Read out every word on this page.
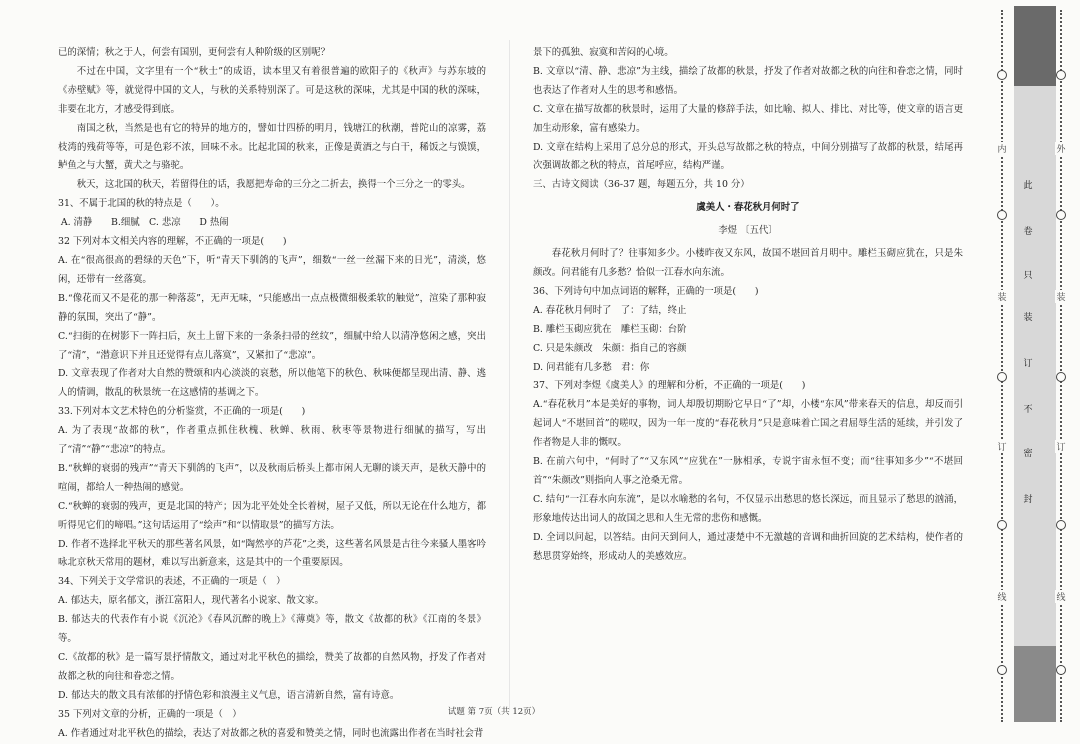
已的深情；秋之于人，何尝有国别，更何尝有人种阶级的区别呢？

不过在中国，文字里有一个“秋士”的成语，读本里又有着很普遍的欧阳子的《秋声》与苏东坡的《赤壁赋》等，就觉得中国的文人，与秋的关系特别深了。可是这秋的深味，尤其是中国的秋的深味，非要在北方，才感受得到底。

南国之秋，当然是也有它的特异的地方的，譬如廿四桥的明月，钱塘江的秋潮，普陀山的凉雾，荔枝湾的残荷等等，可是色彩不浓，回味不永。比起北国的秋来，正像是黄酒之与白干，稀饭之与馍馍，鲈鱼之与大蟹，黄犬之与骆驼。

秋天，这北国的秋天，若留得住的话，我愿把寿命的三分之二折去，换得一个三分之一的零头。

31、不属于北国的秋的特点是（　　）。

A. 清静　　B.细腻　C. 悲凉　　D 热闹

32 下列对本文相关内容的理解，不正确的一项是(　　)

A. 在“很高很高的碧绿的天色”下，听“青天下驯鸽的飞声”，细数“一丝一丝漏下来的日光”，清淡，悠闲，还带有一丝落寞。

B.“像花而又不是花的那一种落蕊”，无声无味，“只能感出一点点极微细极柔软的触觉”，渲染了那种寂静的氛围，突出了“静”。

C.“扫街的在树影下一阵扫后，灰土上留下来的一条条扫帚的丝纹”，细腻中给人以清净悠闲之感，突出了“清”，“潜意识下并且还觉得有点儿落寞”，又紧扣了“悲凉”。

D. 文章表现了作者对大自然的赞颂和内心淡淡的哀愁，所以他笔下的秋色、秋味便都呈现出清、静、逃人的情调，散乱的秋景统一在这感情的基调之下。

33.下列对本文艺术特色的分析鉴赏，不正确的一项是(　　)

A. 为了表现“故都的秋”，作者重点抓住秋槐、秋蝉、秋雨、秋枣等景物进行细腻的描写，写出了“清”“静”“悲凉”的特点。

B.“秋蝉的衰弱的残声”“青天下驯鸽的飞声”，以及秋雨后桥头上都市闲人无聊的谈天声，是秋天静中的喧闹，都给人一种热闹的感觉。

C.“秋蝉的衰弱的残声，更是北国的特产；因为北平处处全长着树，屋子又低，所以无论在什么地方，都听得见它们的啼唱。”这句话运用了“绘声”和“以情取景”的描写方法。

D. 作者不选择北平秋天的那些著名风景，如“陶然亭的芦花”之类，这些著名风景是古往今来骚人墨客吟咏北京秋天常用的题材，难以写出新意来，这是其中的一个重要原因。

34、下列关于文学常识的表述，不正确的一项是（　）

A. 郁达夫，原名郁文，浙江富阳人，现代著名小说家、散文家。

B. 郁达夫的代表作有小说《沉沦》《春风沉醉的晚上》《薄奠》等，散文《故都的秋》《江南的冬景》等。

C.《故都的秋》是一篇写景抒情散文，通过对北平秋色的描绘，赞美了故都的自然风物，抒发了作者对故都之秋的向往和眷恋之情。

D. 郁达夫的散文具有浓郁的抒情色彩和浪漫主义气息，语言清新自然，富有诗意。

35 下列对文章的分析，正确的一项是（　）

A. 作者通过对北平秋色的描绘，表达了对故都之秋的喜爱和赞美之情，同时也流露出作者在当时社会背

景下的孤独、寂寞和苦闷的心境。

B. 文章以“清、静、悲凉”为主线，描绘了故都的秋景，抒发了作者对故都之秋的向往和眷恋之情，同时也表达了作者对人生的思考和感悟。

C. 文章在描写故都的秋景时，运用了大量的修辞手法，如比喻、拟人、排比、对比等，使文章的语言更加生动形象，富有感染力。

D. 文章在结构上采用了总分总的形式，开头总写故都之秋的特点，中间分别描写了故都的秋景，结尾再次强调故都之秋的特点，首尾呼应，结构严谨。

三、古诗文阅读（36-37 题，每题五分，共 10 分）

虞美人・春花秋月何时了

李煜 〔五代〕

春花秋月何时了？往事知多少。小楼昨夜又东风，故国不堪回首月明中。雕栏玉砌应犹在，只是朱颜改。问君能有几多愁？恰似一江春水向东流。

36、下列诗句中加点词语的解释，正确的一项是(　　)

A. 春花秋月何时了　了：了结，终止

B. 雕栏玉砌应犹在　雕栏玉砌：台阶

C. 只是朱颜改　朱颜：指自己的容颜

D. 问君能有几多愁　君：你

37、下列对李煜《虞美人》的理解和分析，不正确的一项是(　　)

A.“春花秋月”本是美好的事物，词人却殷切期盼它早日“了”却，小楼“东风”带来春天的信息，却反而引起词人“不堪回首”的嗟叹，因为一年一度的“春花秋月”只是意味着亡国之君屈辱生活的延续，并引发了作者物是人非的慨叹。

B. 在前六句中，“何时了”“又东风”“应犹在”一脉相承，专说宇宙永恒不变；而“往事知多少”“不堪回首”“朱颜改”则指向人事之沧桑无常。

C. 结句“一江春水向东流”，是以水喻愁的名句，不仅显示出愁思的悠长深远，而且显示了愁思的汹涌，形象地传达出词人的故国之思和人生无常的悲伤和感慨。

D. 全词以问起，以答结。由问天到问人，通过凄楚中不无激越的音调和曲折回旋的艺术结构，使作者的愁思贯穿始终，形成动人的美感效应。

试题 第 7页（共 12页）
内
装
订
线
此
卷
只
装
订
不
密
封
外
装
订
线
